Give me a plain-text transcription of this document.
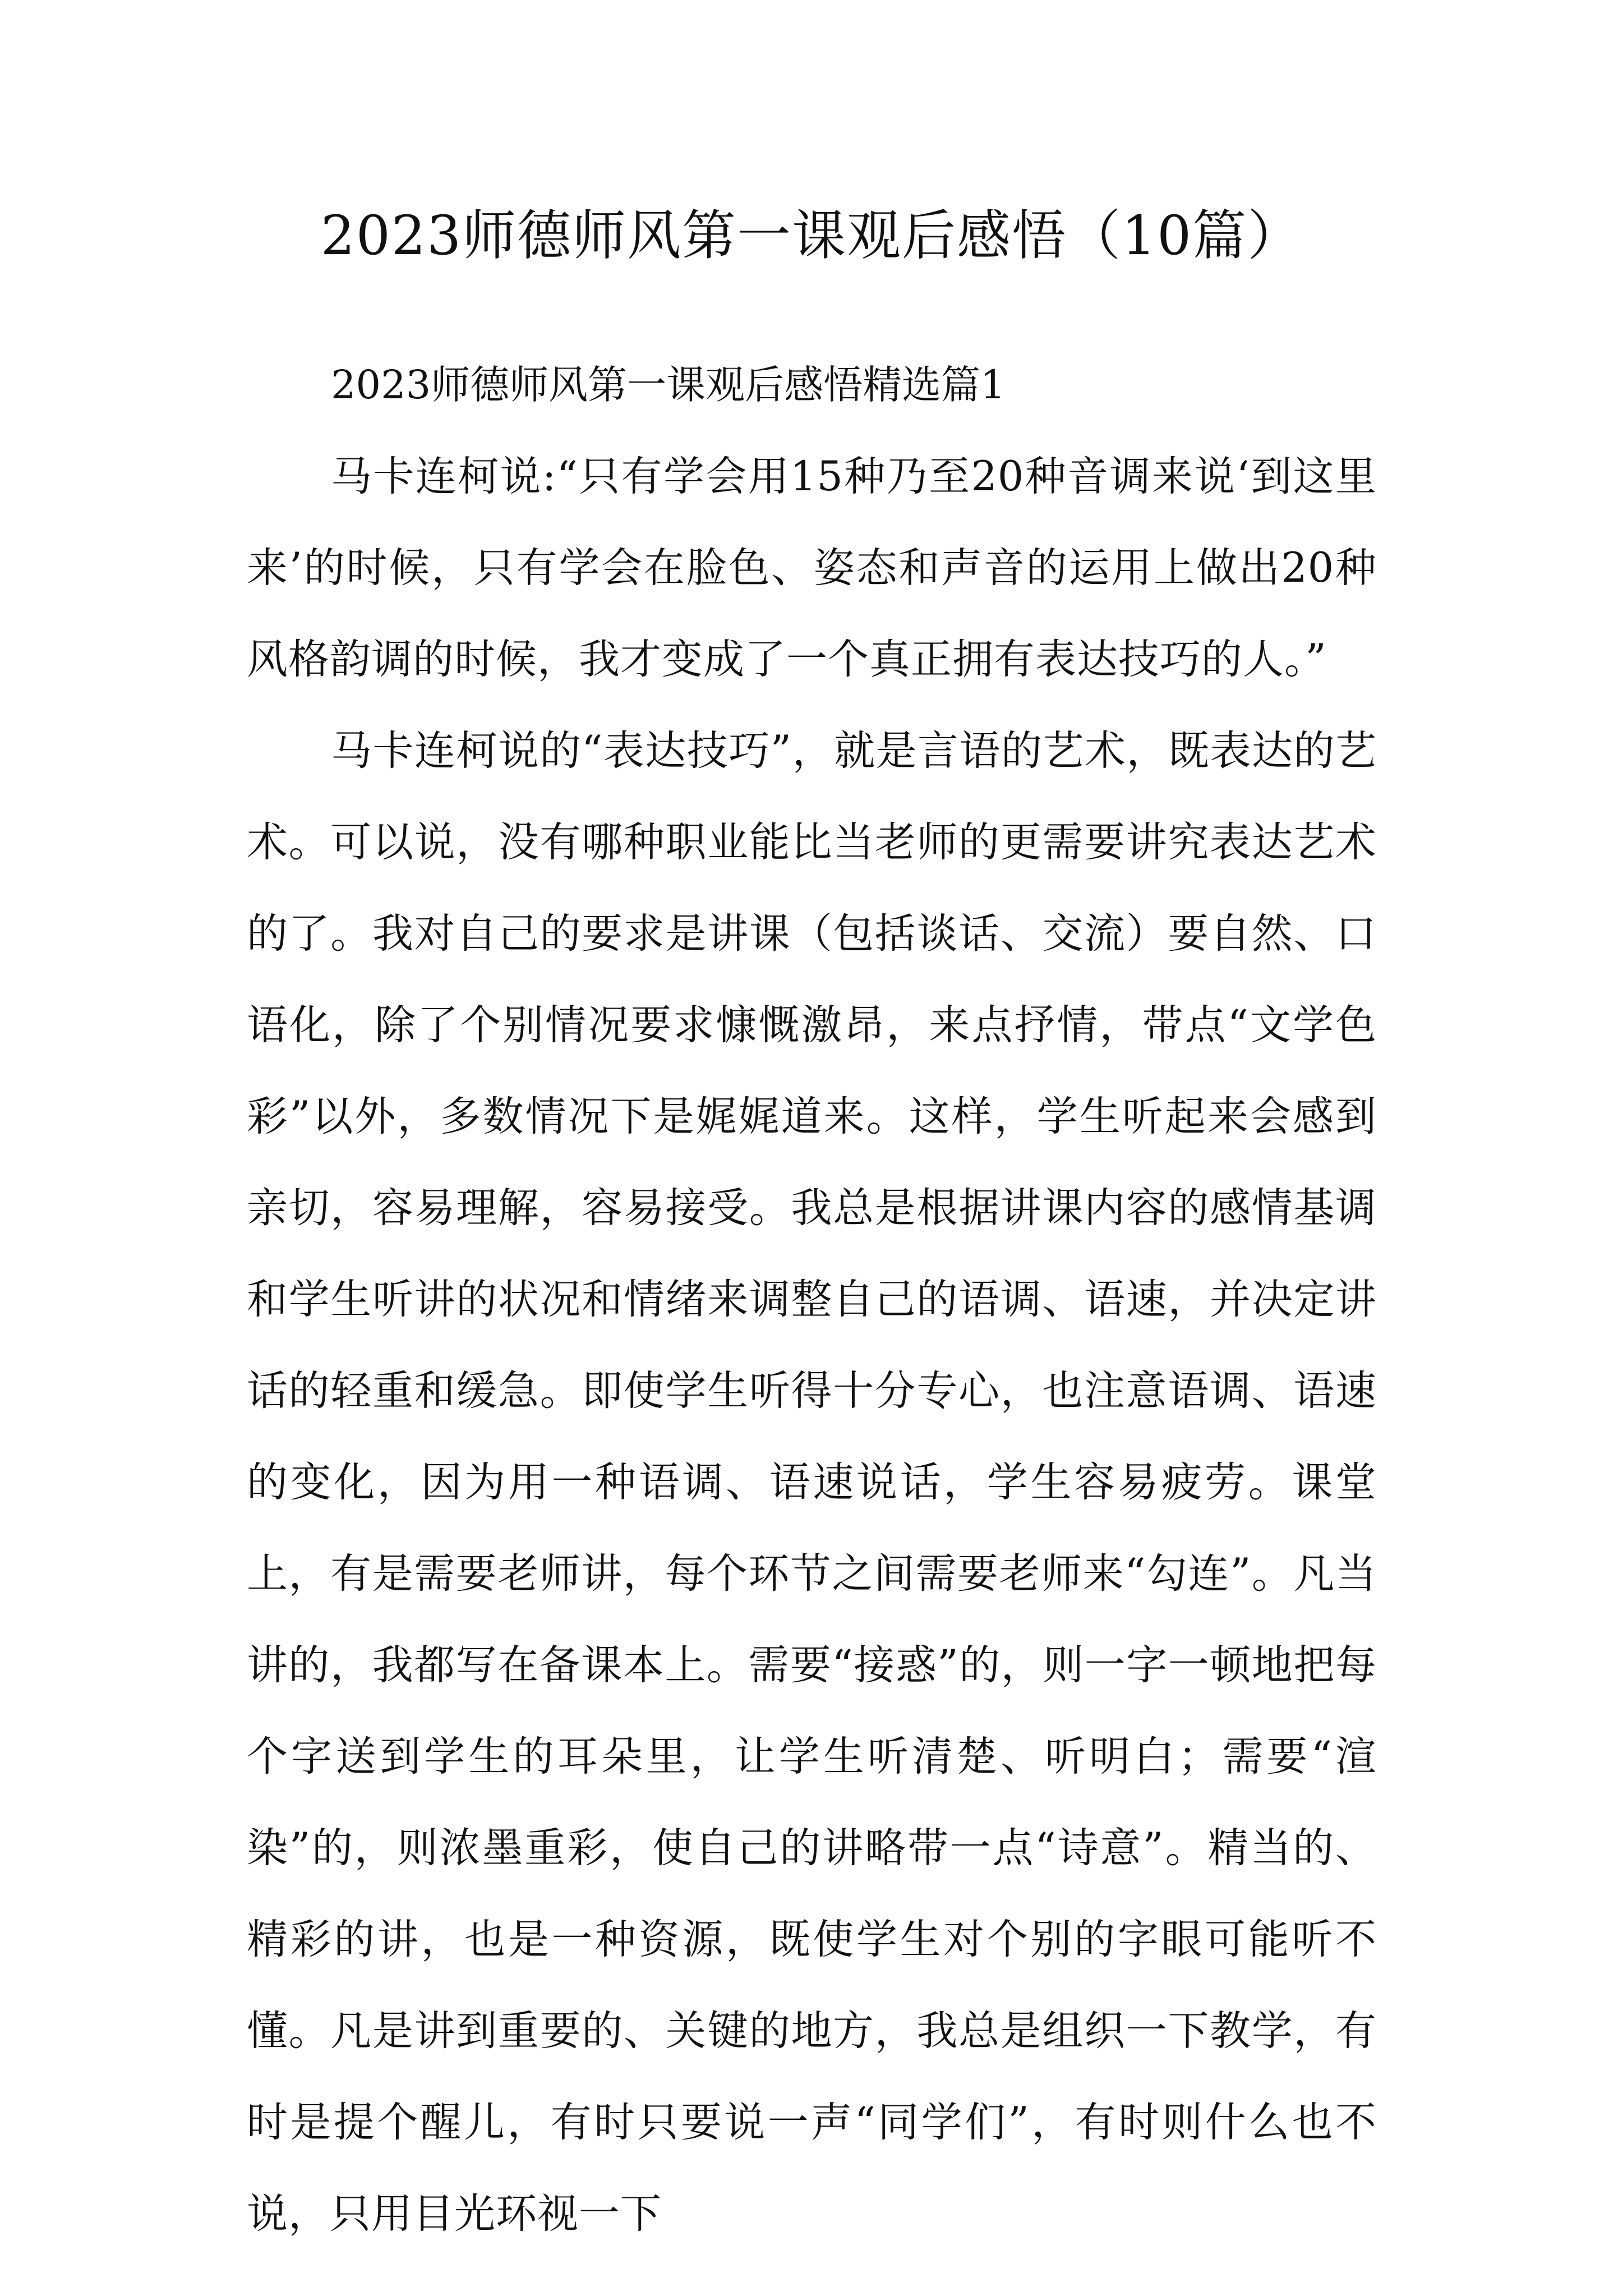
2023师德师风第一课观后感悟（10篇）

2023师德师风第一课观后感悟精选篇1

马卡连柯说:“只有学会用15种乃至20种音调来说‘到这里来’的时候，只有学会在脸色、姿态和声音的运用上做出20种风格韵调的时候，我才变成了一个真正拥有表达技巧的人。”

马卡连柯说的“表达技巧”，就是言语的艺术，既表达的艺术。可以说，没有哪种职业能比当老师的更需要讲究表达艺术的了。我对自己的要求是讲课（包括谈话、交流）要自然、口语化，除了个别情况要求慷慨激昂，来点抒情，带点“文学色彩”以外，多数情况下是娓娓道来。这样，学生听起来会感到亲切，容易理解，容易接受。我总是根据讲课内容的感情基调和学生听讲的状况和情绪来调整自己的语调、语速，并决定讲话的轻重和缓急。即使学生听得十分专心，也注意语调、语速的变化，因为用一种语调、语速说话，学生容易疲劳。课堂上，有是需要老师讲，每个环节之间需要老师来“勾连”。凡当讲的，我都写在备课本上。需要“接惑”的，则一字一顿地把每个字送到学生的耳朵里，让学生听清楚、听明白；需要“渲染”的，则浓墨重彩，使自己的讲略带一点“诗意”。精当的、精彩的讲，也是一种资源，既使学生对个别的字眼可能听不懂。凡是讲到重要的、关键的地方，我总是组织一下教学，有时是提个醒儿，有时只要说一声“同学们”，有时则什么也不说，只用目光环视一下
